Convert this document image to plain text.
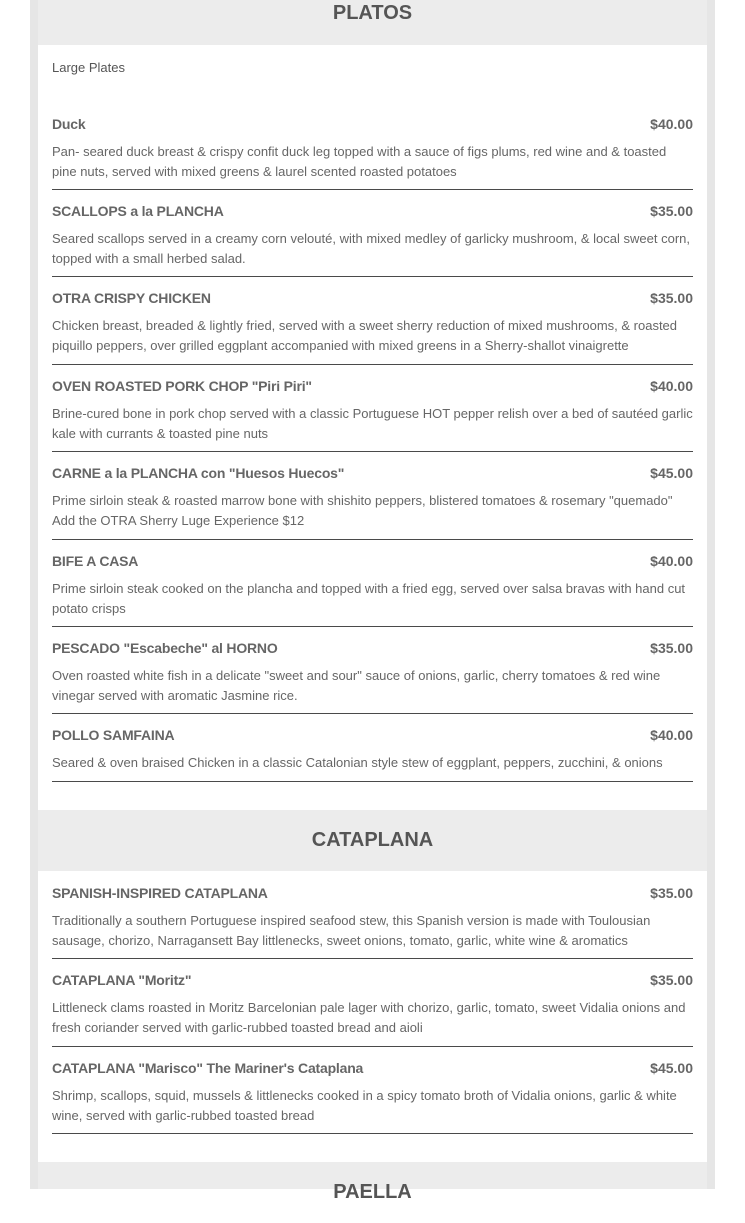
PLATOS
Large Plates
Duck	$40.00
Pan- seared duck breast & crispy confit duck leg topped with a sauce of figs plums, red wine and & toasted pine nuts, served with mixed greens & laurel scented roasted potatoes
SCALLOPS a la PLANCHA	$35.00
Seared scallops served in a creamy corn velouté, with mixed medley of garlicky mushroom, & local sweet corn, topped with a small herbed salad.
OTRA CRISPY CHICKEN	$35.00
Chicken breast, breaded & lightly fried, served with a sweet sherry reduction of mixed mushrooms, & roasted piquillo peppers, over grilled eggplant accompanied with mixed greens in a Sherry-shallot vinaigrette
OVEN ROASTED PORK CHOP "Piri Piri"	$40.00
Brine-cured bone in pork chop served with a classic Portuguese HOT pepper relish over a bed of sautéed garlic kale with currants & toasted pine nuts
CARNE a la PLANCHA con "Huesos Huecos"	$45.00
Prime sirloin steak & roasted marrow bone with shishito peppers, blistered tomatoes & rosemary "quemado" Add the OTRA Sherry Luge Experience $12
BIFE A CASA	$40.00
Prime sirloin steak cooked on the plancha and topped with a fried egg, served over salsa bravas with hand cut potato crisps
PESCADO "Escabeche" al HORNO	$35.00
Oven roasted white fish in a delicate "sweet and sour" sauce of onions, garlic, cherry tomatoes & red wine vinegar served with aromatic Jasmine rice.
POLLO SAMFAINA	$40.00
Seared & oven braised Chicken in a classic Catalonian style stew of eggplant, peppers, zucchini, & onions
CATAPLANA
SPANISH-INSPIRED CATAPLANA	$35.00
Traditionally a southern Portuguese inspired seafood stew, this Spanish version is made with Toulousian sausage, chorizo, Narragansett Bay littlenecks, sweet onions, tomato, garlic, white wine & aromatics
CATAPLANA "Moritz"	$35.00
Littleneck clams roasted in Moritz Barcelonian pale lager with chorizo, garlic, tomato, sweet Vidalia onions and fresh coriander served with garlic-rubbed toasted bread and aioli
CATAPLANA "Marisco" The Mariner's Cataplana	$45.00
Shrimp, scallops, squid, mussels & littlenecks cooked in a spicy tomato broth of Vidalia onions, garlic & white wine, served with garlic-rubbed toasted bread
PAELLA
